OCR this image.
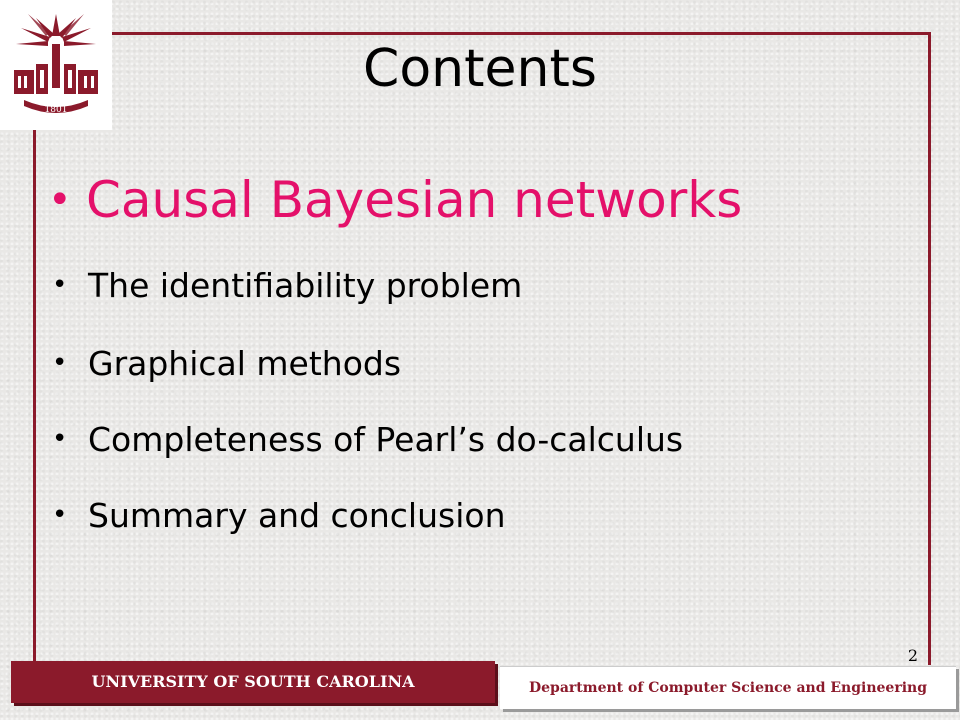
1801
Contents
• Causal Bayesian networks
• The identifiability problem
• Graphical methods
• Completeness of Pearl’s do-calculus
• Summary and conclusion
2
UNIVERSITY OF SOUTH CAROLINA	Department of Computer Science and Engineering
